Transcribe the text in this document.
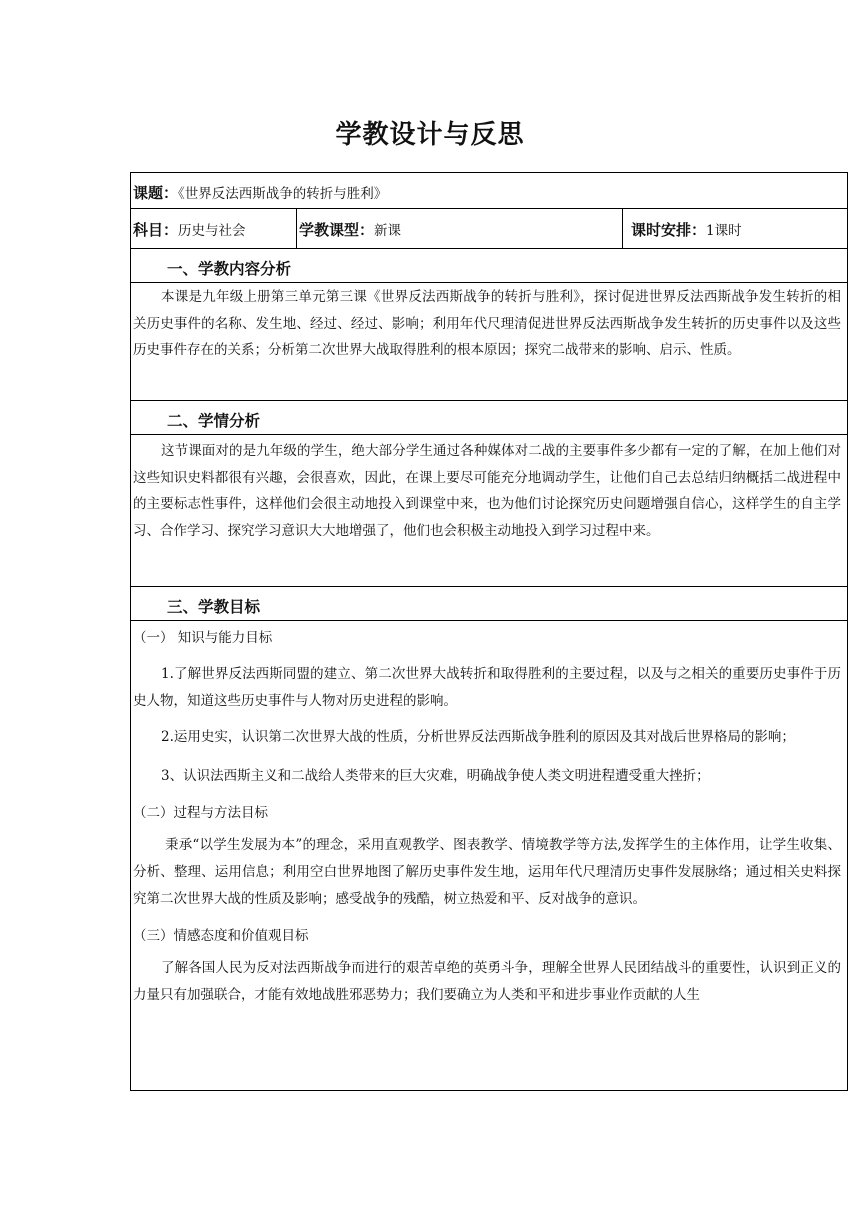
学教设计与反思
课题：《世界反法西斯战争的转折与胜利》
科目：历史与社会	学教课型：新课	课时安排：1课时
一、学教内容分析
本课是九年级上册第三单元第三课《世界反法西斯战争的转折与胜利》，探讨促进世界反法西斯战争发生转折的相关历史事件的名称、发生地、经过、经过、影响；利用年代尺理清促进世界反法西斯战争发生转折的历史事件以及这些历史事件存在的关系；分析第二次世界大战取得胜利的根本原因；探究二战带来的影响、启示、性质。
二、学情分析
这节课面对的是九年级的学生，绝大部分学生通过各种媒体对二战的主要事件多少都有一定的了解，在加上他们对这些知识史料都很有兴趣，会很喜欢，因此，在课上要尽可能充分地调动学生，让他们自己去总结归纳概括二战进程中的主要标志性事件，这样他们会很主动地投入到课堂中来，也为他们讨论探究历史问题增强自信心，这样学生的自主学习、合作学习、探究学习意识大大地增强了，他们也会积极主动地投入到学习过程中来。
三、学教目标
（一） 知识与能力目标
1.了解世界反法西斯同盟的建立、第二次世界大战转折和取得胜利的主要过程，以及与之相关的重要历史事件于历史人物，知道这些历史事件与人物对历史进程的影响。
2.运用史实，认识第二次世界大战的性质，分析世界反法西斯战争胜利的原因及其对战后世界格局的影响；
3、认识法西斯主义和二战给人类带来的巨大灾难，明确战争使人类文明进程遭受重大挫折；
（二）过程与方法目标
秉承“以学生发展为本”的理念，采用直观教学、图表教学、情境教学等方法,发挥学生的主体作用，让学生收集、分析、整理、运用信息；利用空白世界地图了解历史事件发生地，运用年代尺理清历史事件发展脉络；通过相关史料探究第二次世界大战的性质及影响；感受战争的残酷，树立热爱和平、反对战争的意识。
（三）情感态度和价值观目标
了解各国人民为反对法西斯战争而进行的艰苦卓绝的英勇斗争，理解全世界人民团结战斗的重要性，认识到正义的力量只有加强联合，才能有效地战胜邪恶势力；我们要确立为人类和平和进步事业作贡献的人生
